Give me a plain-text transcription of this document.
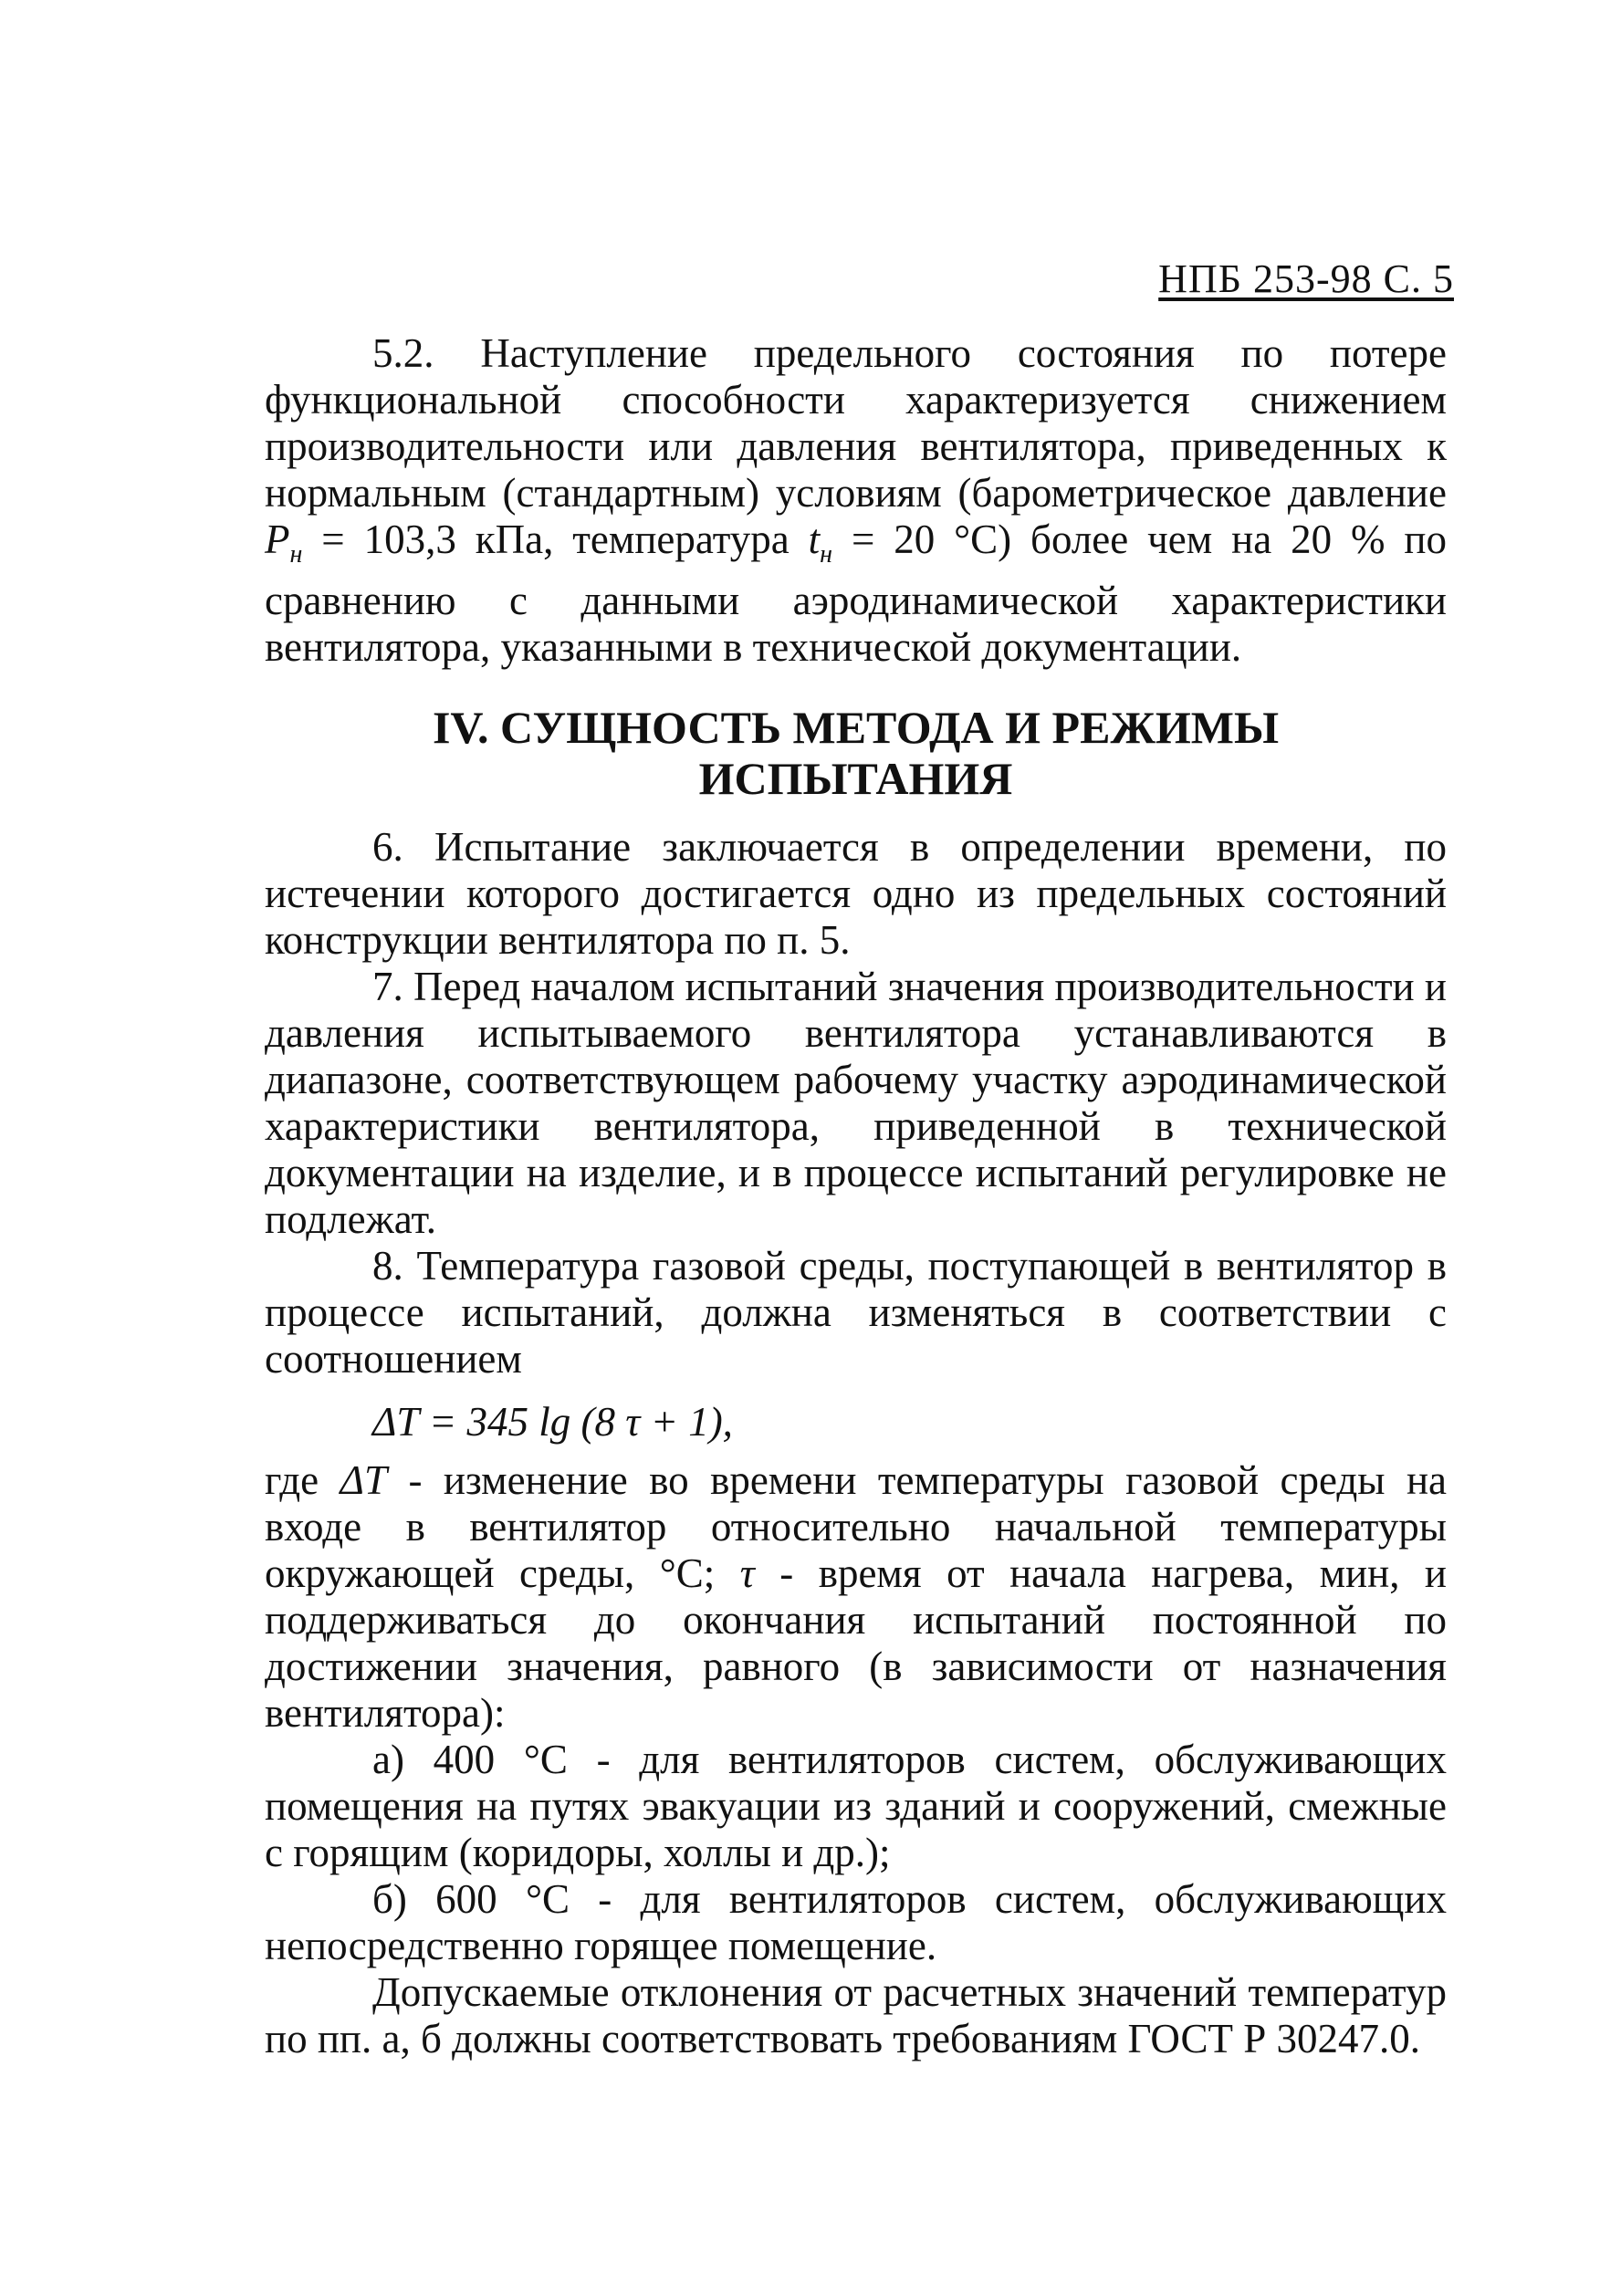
НПБ 253-98 С. 5

5.2. Наступление предельного состояния по потере функциональной способности характеризуется снижением производительности или давления вентилятора, приведенных к нормальным (стандартным) условиям (барометрическое давление $P_н = 103,3$ кПа, температура $t_н = 20$ °С) более чем на 20 % по сравнению с данными аэродинамической характеристики вентилятора, указанными в технической документации.

IV. СУЩНОСТЬ МЕТОДА И РЕЖИМЫ
ИСПЫТАНИЯ

6. Испытание заключается в определении времени, по истечении которого достигается одно из предельных состояний конструкции вентилятора по п. 5.

7. Перед началом испытаний значения производительности и давления испытываемого вентилятора устанавливаются в диапазоне, соответствующем рабочему участку аэродинамической характеристики вентилятора, приведенной в технической документации на изделие, и в процессе испытаний регулировке не подлежат.

8. Температура газовой среды, поступающей в вентилятор в процессе испытаний, должна изменяться в соответствии с соотношением

ΔT = 345 lg (8 τ + 1),

где ΔT - изменение во времени температуры газовой среды на входе в вентилятор относительно начальной температуры окружающей среды, °С; τ - время от начала нагрева, мин, и поддерживаться до окончания испытаний постоянной по достижении значения, равного (в зависимости от назначения вентилятора):

а) 400 °С - для вентиляторов систем, обслуживающих помещения на путях эвакуации из зданий и сооружений, смежные с горящим (коридоры, холлы и др.);

б) 600 °С - для вентиляторов систем, обслуживающих непосредственно горящее помещение.

Допускаемые отклонения от расчетных значений температур по пп. а, б должны соответствовать требованиям ГОСТ Р 30247.0.
